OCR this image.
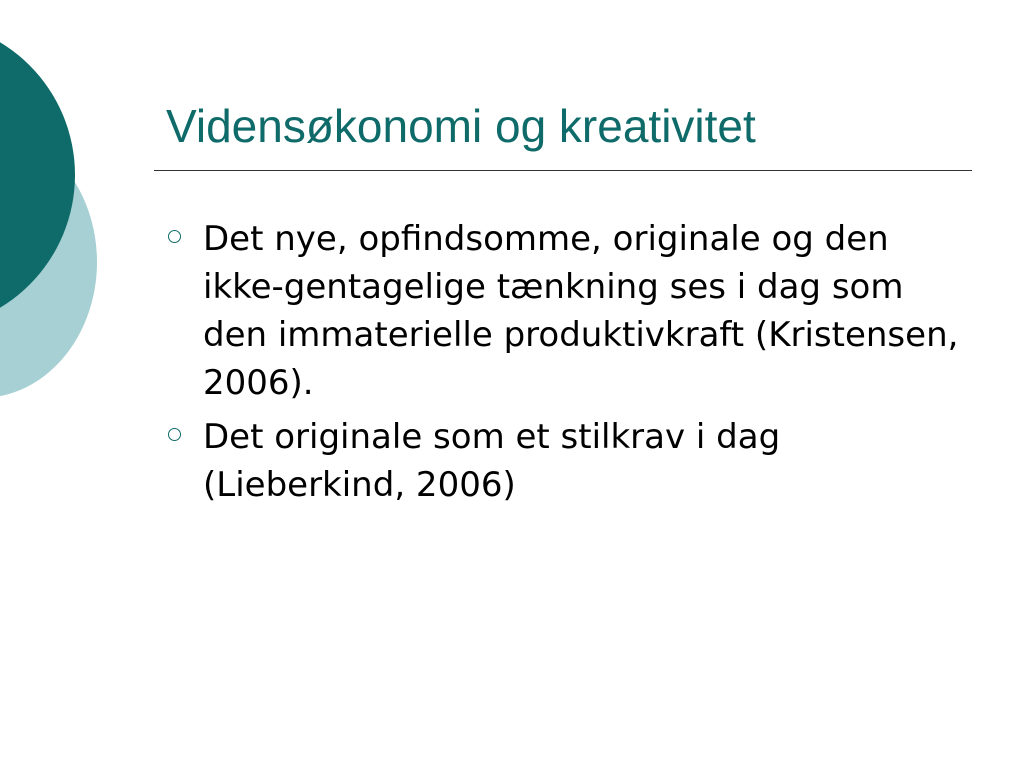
Vidensøkonomi og kreativitet
Det nye, opfindsomme, originale og den ikke-gentagelige tænkning ses i dag som den immaterielle produktivkraft (Kristensen, 2006).
Det originale som et stilkrav i dag (Lieberkind, 2006)
